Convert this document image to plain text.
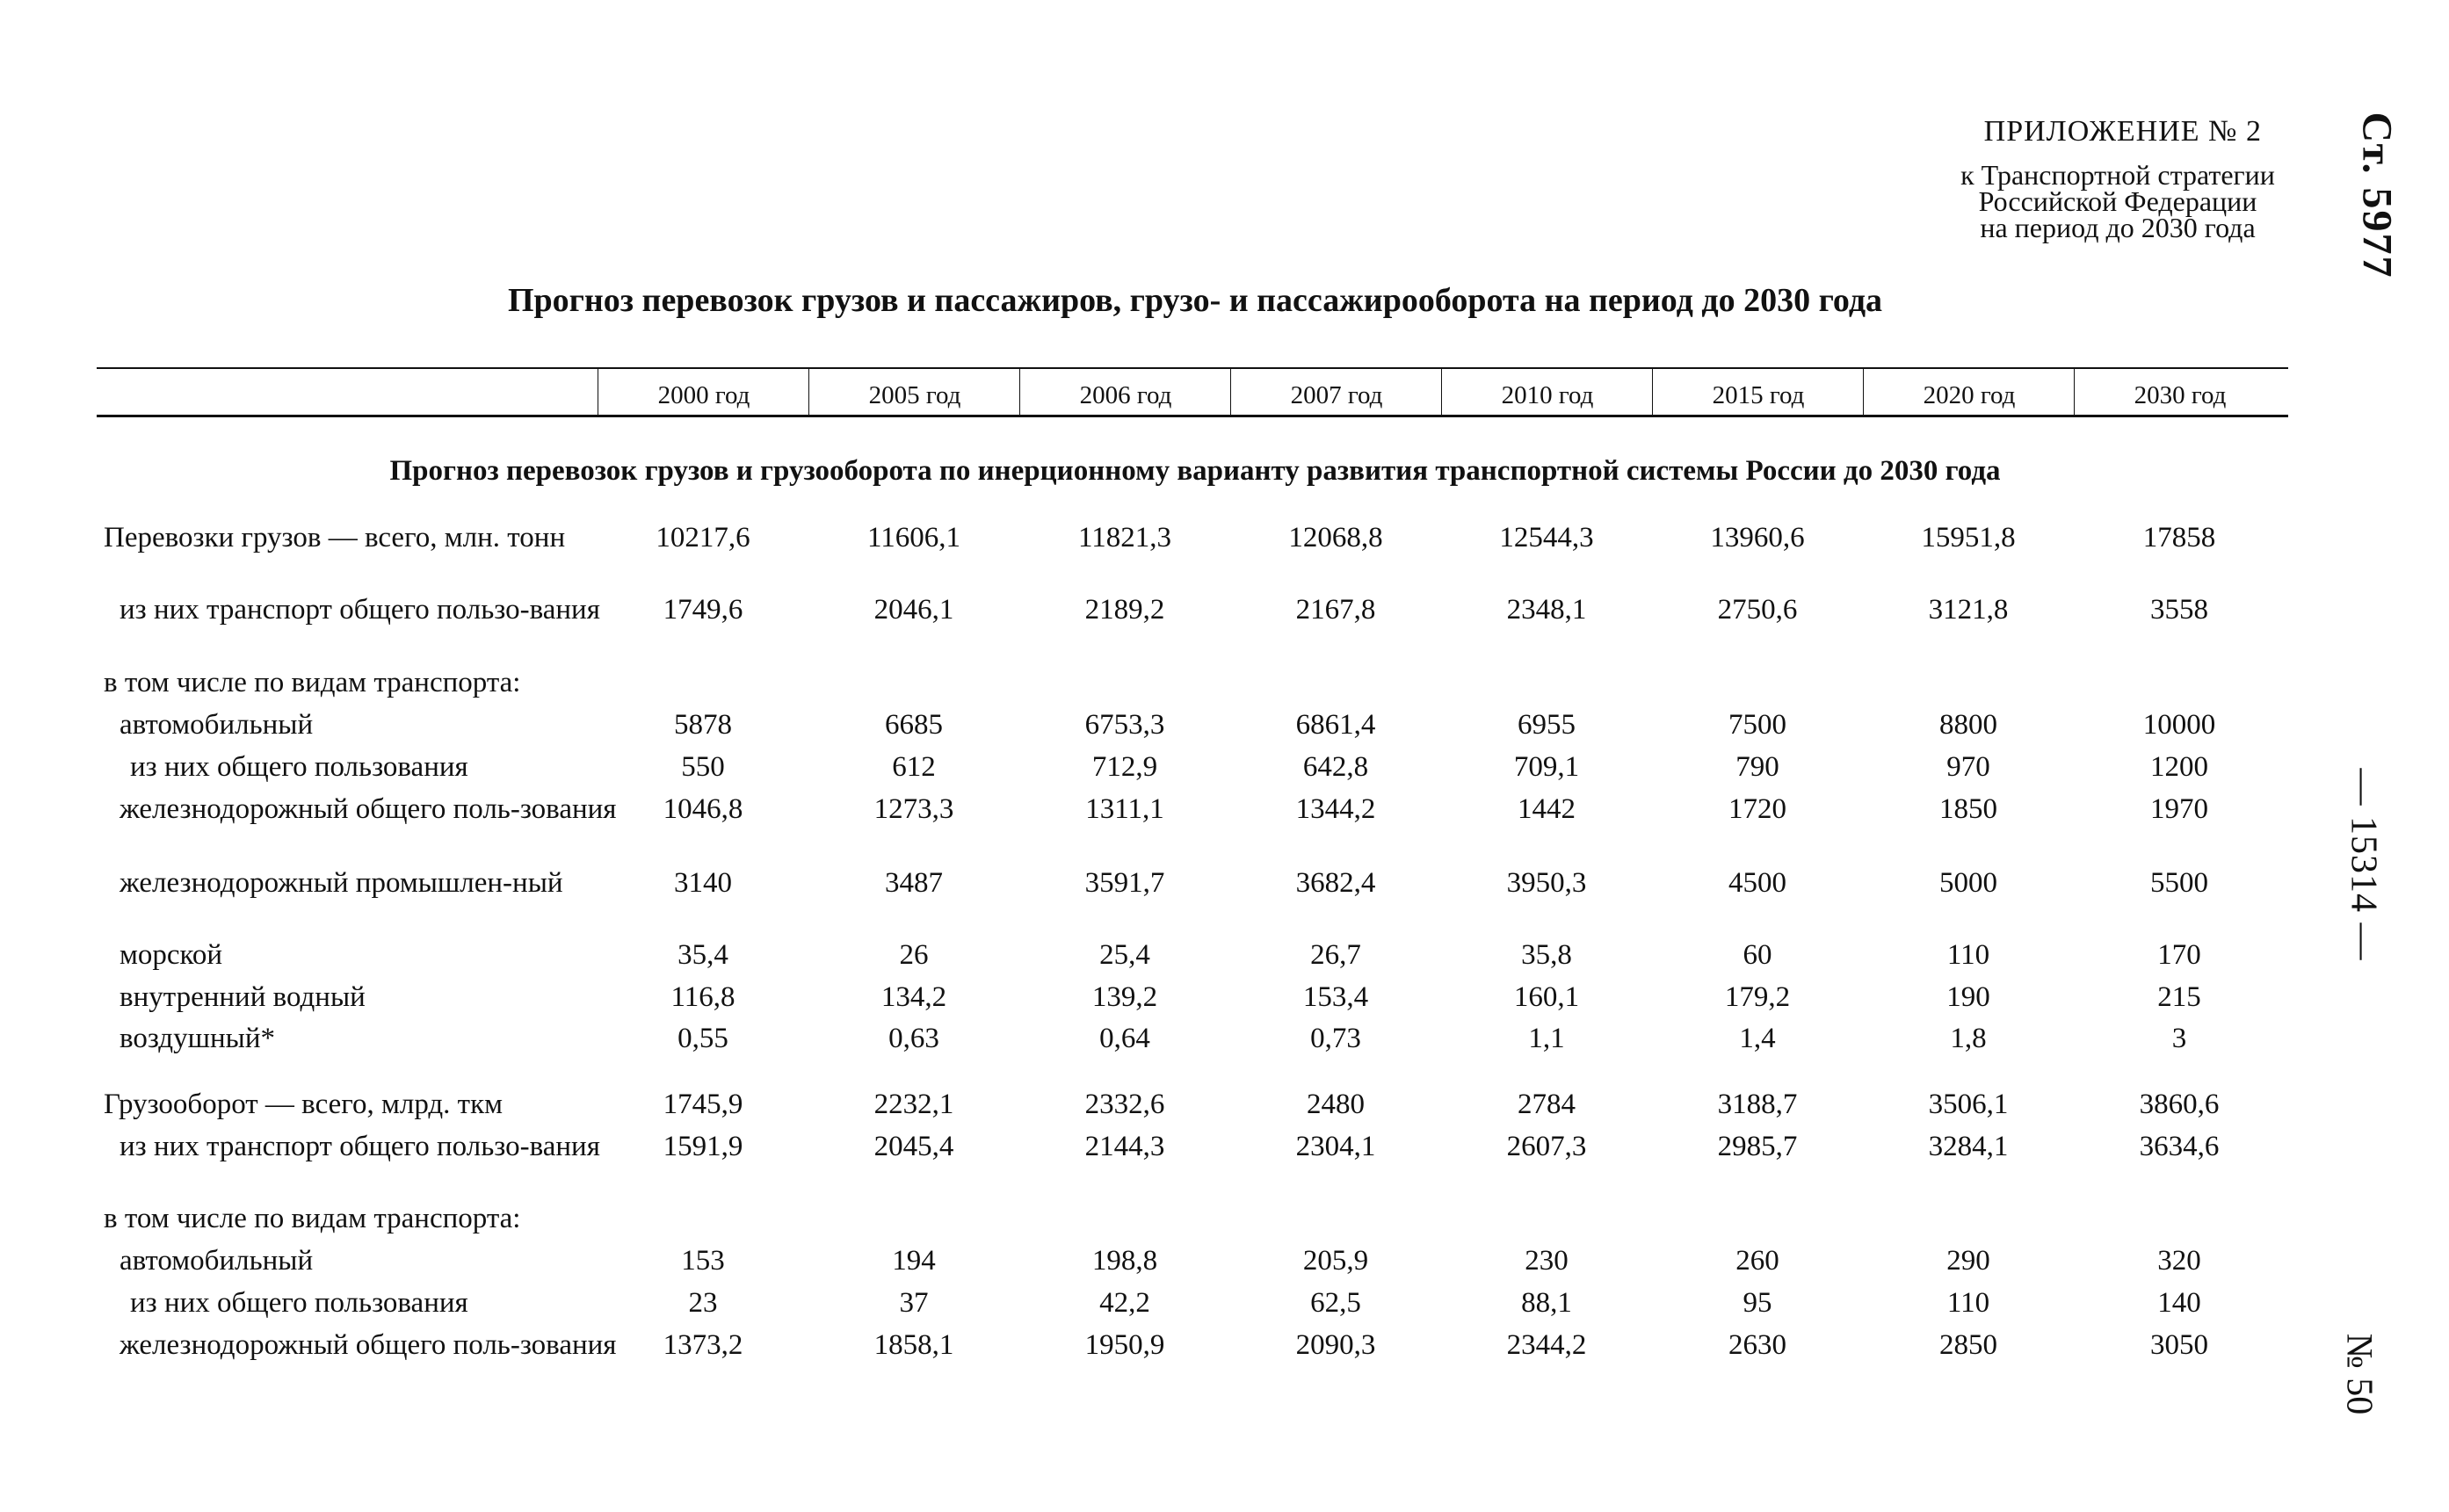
ПРИЛОЖЕНИЕ № 2
к Транспортной стратегии
Российской Федерации
на период до 2030 года	Ст. 5977
— 15314 —
№ 50
Прогноз перевозок грузов и пассажиров, грузо- и пассажирооборота на период до 2030 года
2000 год	2005 год	2006 год	2007 год	2010 год	2015 год	2020 год	2030 год
Прогноз перевозок грузов и грузооборота по инерционному варианту развития транспортной системы России до 2030 года
Перевозки грузов — всего, млн. тонн	10217,6	11606,1	11821,3	12068,8	12544,3	13960,6	15951,8	17858
из них транспорт общего пользо-вания	1749,6	2046,1	2189,2	2167,8	2348,1	2750,6	3121,8	3558
в том числе по видам транспорта:
автомобильный	5878	6685	6753,3	6861,4	6955	7500	8800	10000
из них общего пользования	550	612	712,9	642,8	709,1	790	970	1200
железнодорожный общего поль-зования	1046,8	1273,3	1311,1	1344,2	1442	1720	1850	1970
железнодорожный промышлен-ный	3140	3487	3591,7	3682,4	3950,3	4500	5000	5500
морской	35,4	26	25,4	26,7	35,8	60	110	170
внутренний водный	116,8	134,2	139,2	153,4	160,1	179,2	190	215
воздушный*	0,55	0,63	0,64	0,73	1,1	1,4	1,8	3
Грузооборот — всего, млрд. ткм	1745,9	2232,1	2332,6	2480	2784	3188,7	3506,1	3860,6
из них транспорт общего пользо-вания	1591,9	2045,4	2144,3	2304,1	2607,3	2985,7	3284,1	3634,6
в том числе по видам транспорта:
автомобильный	153	194	198,8	205,9	230	260	290	320
из них общего пользования	23	37	42,2	62,5	88,1	95	110	140
железнодорожный общего поль-зования	1373,2	1858,1	1950,9	2090,3	2344,2	2630	2850	3050
